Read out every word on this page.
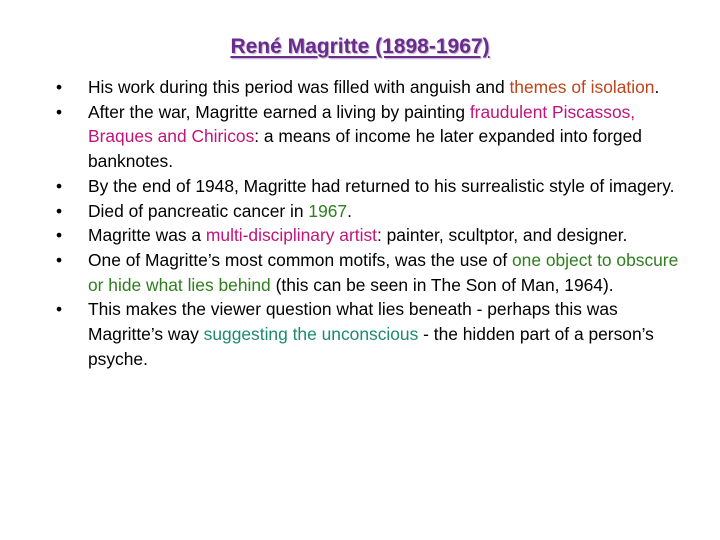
René Magritte (1898-1967)
• His work during this period was filled with anguish and themes of isolation.
• After the war, Magritte earned a living by painting fraudulent Piscassos, Braques and Chiricos: a means of income he later expanded into forged banknotes.
• By the end of 1948, Magritte had returned to his surrealistic style of imagery.
• Died of pancreatic cancer in 1967.
• Magritte was a multi-disciplinary artist: painter, scultptor, and designer.
• One of Magritte’s most common motifs, was the use of one object to obscure or hide what lies behind (this can be seen in The Son of Man, 1964).
• This makes the viewer question what lies beneath - perhaps this was Magritte’s way suggesting the unconscious - the hidden part of a person’s psyche.
